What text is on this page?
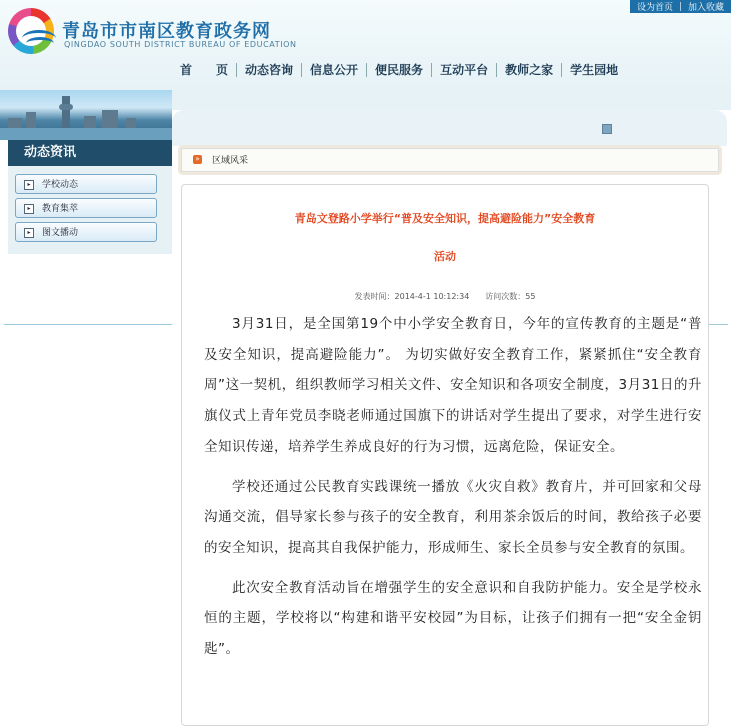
青岛市市南区教育政务网
QINGDAO SOUTH DISTRICT BUREAU OF EDUCATION
设为首页 | 加入收藏
首　　页	动态咨询	信息公开	便民服务	互动平台	教师之家	学生园地
动态资讯
▸	学校动态
▸	教育集萃
▸	图文播动
» 区域风采
青岛文登路小学举行“普及安全知识，提高避险能力”安全教育
活动
发表时间：2014-4-1 10:12:34　　访问次数：55

3月31日，是全国第19个中小学安全教育日，今年的宣传教育的主题是“普及安全知识，提高避险能力”。 为切实做好安全教育工作，紧紧抓住“安全教育周”这一契机，组织教师学习相关文件、安全知识和各项安全制度，3月31日的升旗仪式上青年党员李晓老师通过国旗下的讲话对学生提出了要求，对学生进行安全知识传递，培养学生养成良好的行为习惯，远离危险，保证安全。

学校还通过公民教育实践课统一播放《火灾自救》教育片，并可回家和父母沟通交流，倡导家长参与孩子的安全教育，利用茶余饭后的时间，教给孩子必要的安全知识，提高其自我保护能力，形成师生、家长全员参与安全教育的氛围。

此次安全教育活动旨在增强学生的安全意识和自我防护能力。安全是学校永恒的主题，学校将以“构建和谐平安校园”为目标，让孩子们拥有一把“安全金钥匙”。
